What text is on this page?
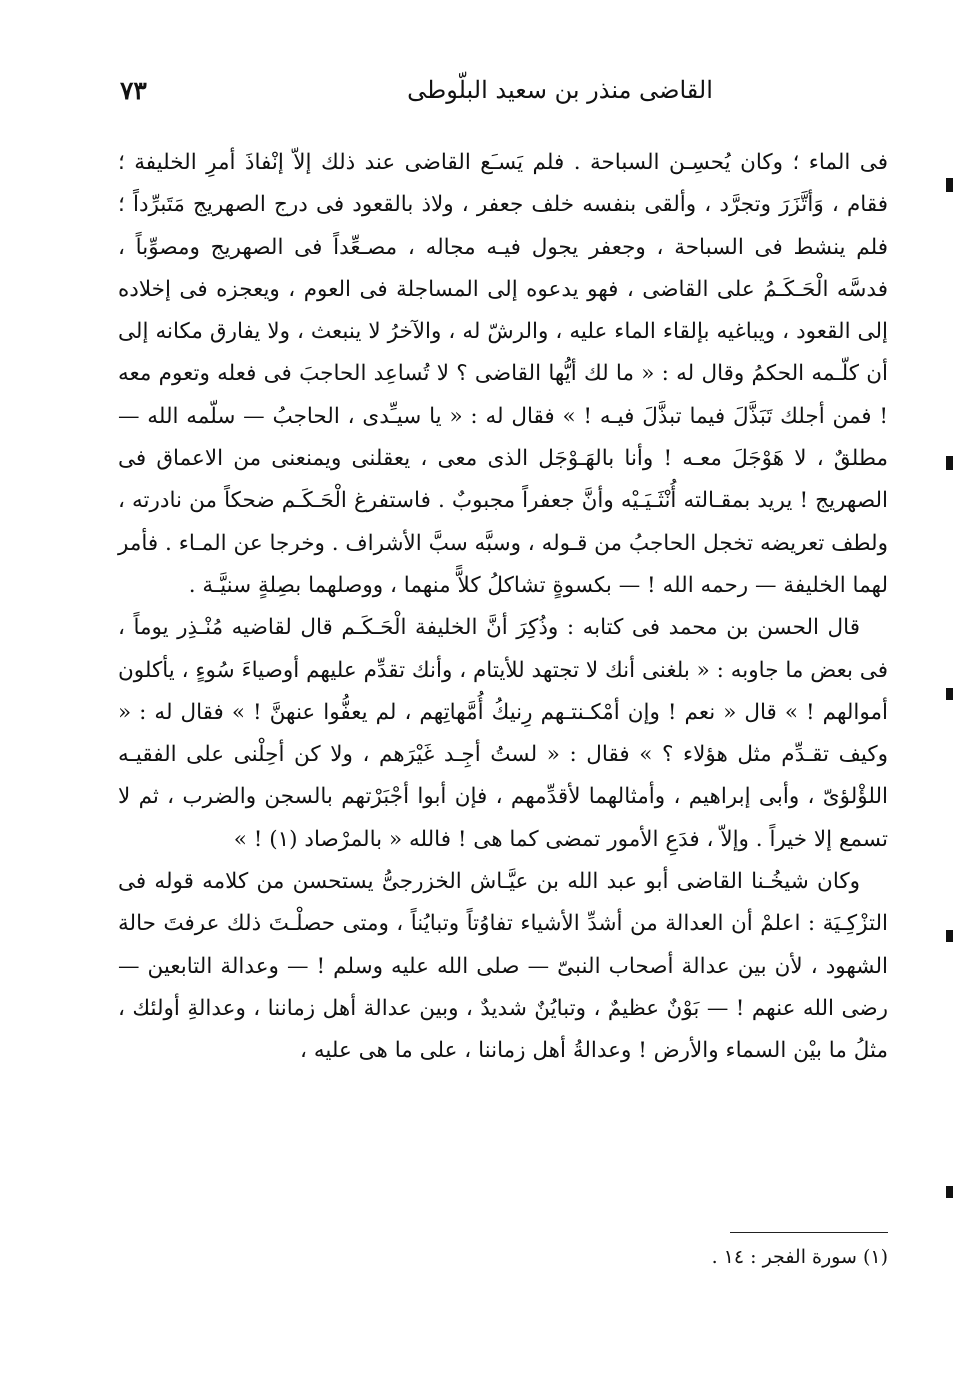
٧٣	القاضى منذر بن سعيد البلّوطى

فى الماء ؛ وكان يُحسِـن السباحة . فلم يَسـَع القاضى عند ذلك إلاّ إنْفاذَ أمرِ الخليفة ؛ فقام ، وَأتَّزَرَ وتجرَّد ، وألقى بنفسه خلف جعفر ، ولاذ بالقعود فى درج الصهريج مَتَبرِّداً ؛ فلم ينشط فى السباحة ، وجعفر يجول فيـه مجاله ، مصـعِّداً فى الصهريج ومصوِّباً ، فدسَّه الْحَـكَـمُ على القاضى ، فهو يدعوه إلى المساجلة فى العوم ، ويعجزه فى إخلاده إلى القعود ، ويباغيه بإلقاء الماء عليه ، والرشّ له ، والآخرُ لا ينبعث ، ولا يفارق مكانه إلى أن كلّـمه الحكمُ وقال له : « ما لك أيُّها القاضى ؟ لا تُساعِد الحاجبَ فى فعله وتعوم معه ! فمن أجلك تَبَذَّلَ فيما تبذَّلَ فيـه ! » فقال له : « يا سيـِّدى ، الحاجبُ — سلّمه الله — مطلقٌ ، لا هَوْجَلَ معـه ! وأنا بالهَـوْجَل الذى معى ، يعقلنى ويمنعنى من الاعماق فى الصهريج ! يريد بمقـالته أُنْثَـيَـيْه وأنَّ جعفراً مجبوبٌ . فاستفرغ الْحَـكَـم ضحكاً من نادرته ، ولطف تعريضه تخجل الحاجبُ من قـوله ، وسبَّه سبَّ الأشراف . وخرجا عن المـاء . فأمر لهما الخليفة — رحمه الله ! — بكسوةٍ تشاكلُ كلاًّ منهما ، ووصلهما بصِلةٍ سنيَّـة .

قال الحسن بن محمد فى كتابه : وذُكِرَ أنَّ الخليفة الْحَـكَـم قال لقاضيه مُنْـذِر يوماً ، فى بعض ما جاوبه : « بلغنى أنك لا تجتهد للأيتام ، وأنك تقدِّم عليهم أوصياءَ سُوءٍ ، يأكلون أموالهم ! » قال « نعم ! وإن أمْكـنتـهم رِنيكُ أُمَّهاتِهم ، لم يعفُّوا عنهنَّ ! » فقال له : « وكيف تقـدِّم مثل هؤلاء ؟ » فقال : « لستُ أجِـد غَيْرَهم ، ولا كن أحِلْنى على الفقيـه اللؤْلؤىّ ، وأبى إبراهيم ، وأمثالهما لأقدِّمهم ، فإن أبوا أجْبَرْتهم بالسجن والضرب ، ثم لا تسمع إلا خيراً . وإلاّ ، فدَعِ الأمور تمضى كما هى ! فالله « بالمرْصاد (١) ! »

وكان شيخُـنا القاضى أبو عبد الله بن عيَّـاش الخزرجىُّ يستحسن من كلامه قوله فى التزْكِـيَة : اعلمْ أن العدالة من أشدِّ الأشياء تفاوُتاً وتبايُناً ، ومتى حصلْـتَ ذلك عرفتَ حالة الشهود ، لأن بين عدالة أصحاب النبىّ — صلى الله عليه وسلم ! — وعدالة التابعين — رضى الله عنهم ! — بَوْنٌ عظيمٌ ، وتبايُنٌ شديدٌ ، وبين عدالة أهل زماننا ، وعدالةِ أولئك ، مثلُ ما بيْن السماء والأرض ! وعدالةُ أهل زماننا ، على ما هى عليه ،

(١) سورة الفجر : ١٤ .
